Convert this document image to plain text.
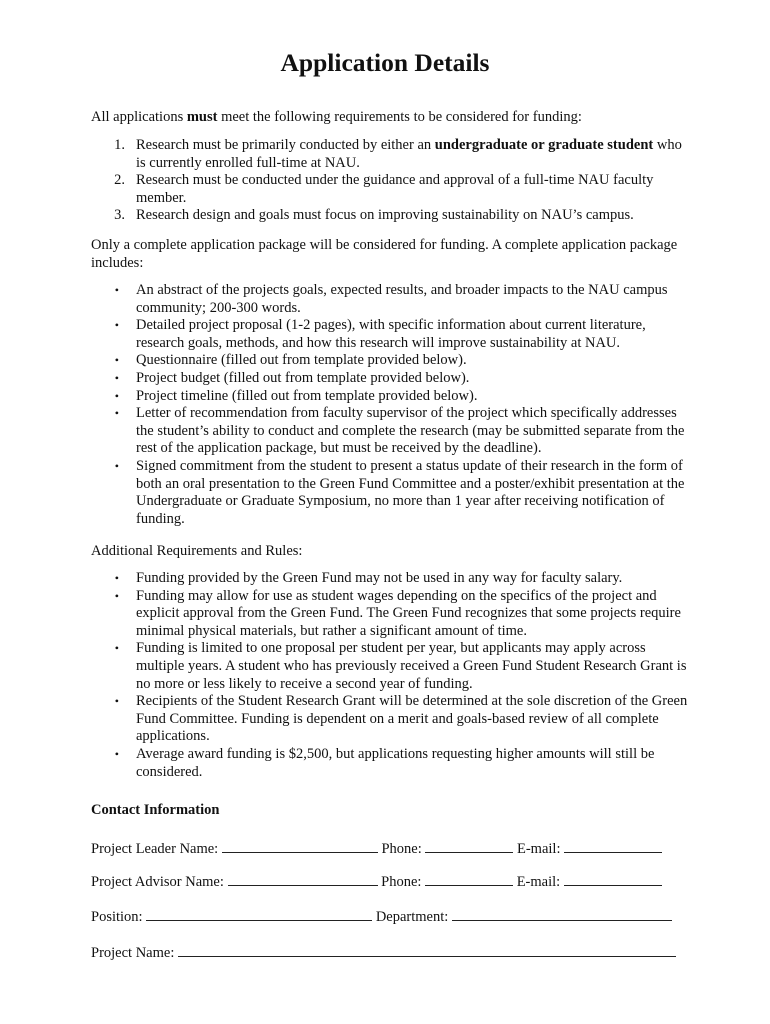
Application Details

All applications must meet the following requirements to be considered for funding:

1. Research must be primarily conducted by either an undergraduate or graduate student who is currently enrolled full-time at NAU.
2. Research must be conducted under the guidance and approval of a full-time NAU faculty member.
3. Research design and goals must focus on improving sustainability on NAU’s campus.

Only a complete application package will be considered for funding. A complete application package includes:

• An abstract of the projects goals, expected results, and broader impacts to the NAU campus community; 200-300 words.
• Detailed project proposal (1-2 pages), with specific information about current literature, research goals, methods, and how this research will improve sustainability at NAU.
• Questionnaire (filled out from template provided below).
• Project budget (filled out from template provided below).
• Project timeline (filled out from template provided below).
• Letter of recommendation from faculty supervisor of the project which specifically addresses the student’s ability to conduct and complete the research (may be submitted separate from the rest of the application package, but must be received by the deadline).
• Signed commitment from the student to present a status update of their research in the form of both an oral presentation to the Green Fund Committee and a poster/exhibit presentation at the Undergraduate or Graduate Symposium, no more than 1 year after receiving notification of funding.

Additional Requirements and Rules:

• Funding provided by the Green Fund may not be used in any way for faculty salary.
• Funding may allow for use as student wages depending on the specifics of the project and explicit approval from the Green Fund. The Green Fund recognizes that some projects require minimal physical materials, but rather a significant amount of time.
• Funding is limited to one proposal per student per year, but applicants may apply across multiple years. A student who has previously received a Green Fund Student Research Grant is no more or less likely to receive a second year of funding.
• Recipients of the Student Research Grant will be determined at the sole discretion of the Green Fund Committee. Funding is dependent on a merit and goals-based review of all complete applications.
• Average award funding is $2,500, but applications requesting higher amounts will still be considered.
Contact Information
Project Leader Name:	Phone:	E-mail:
Project Advisor Name:	Phone:	E-mail:
Position:	Department:
Project Name:
